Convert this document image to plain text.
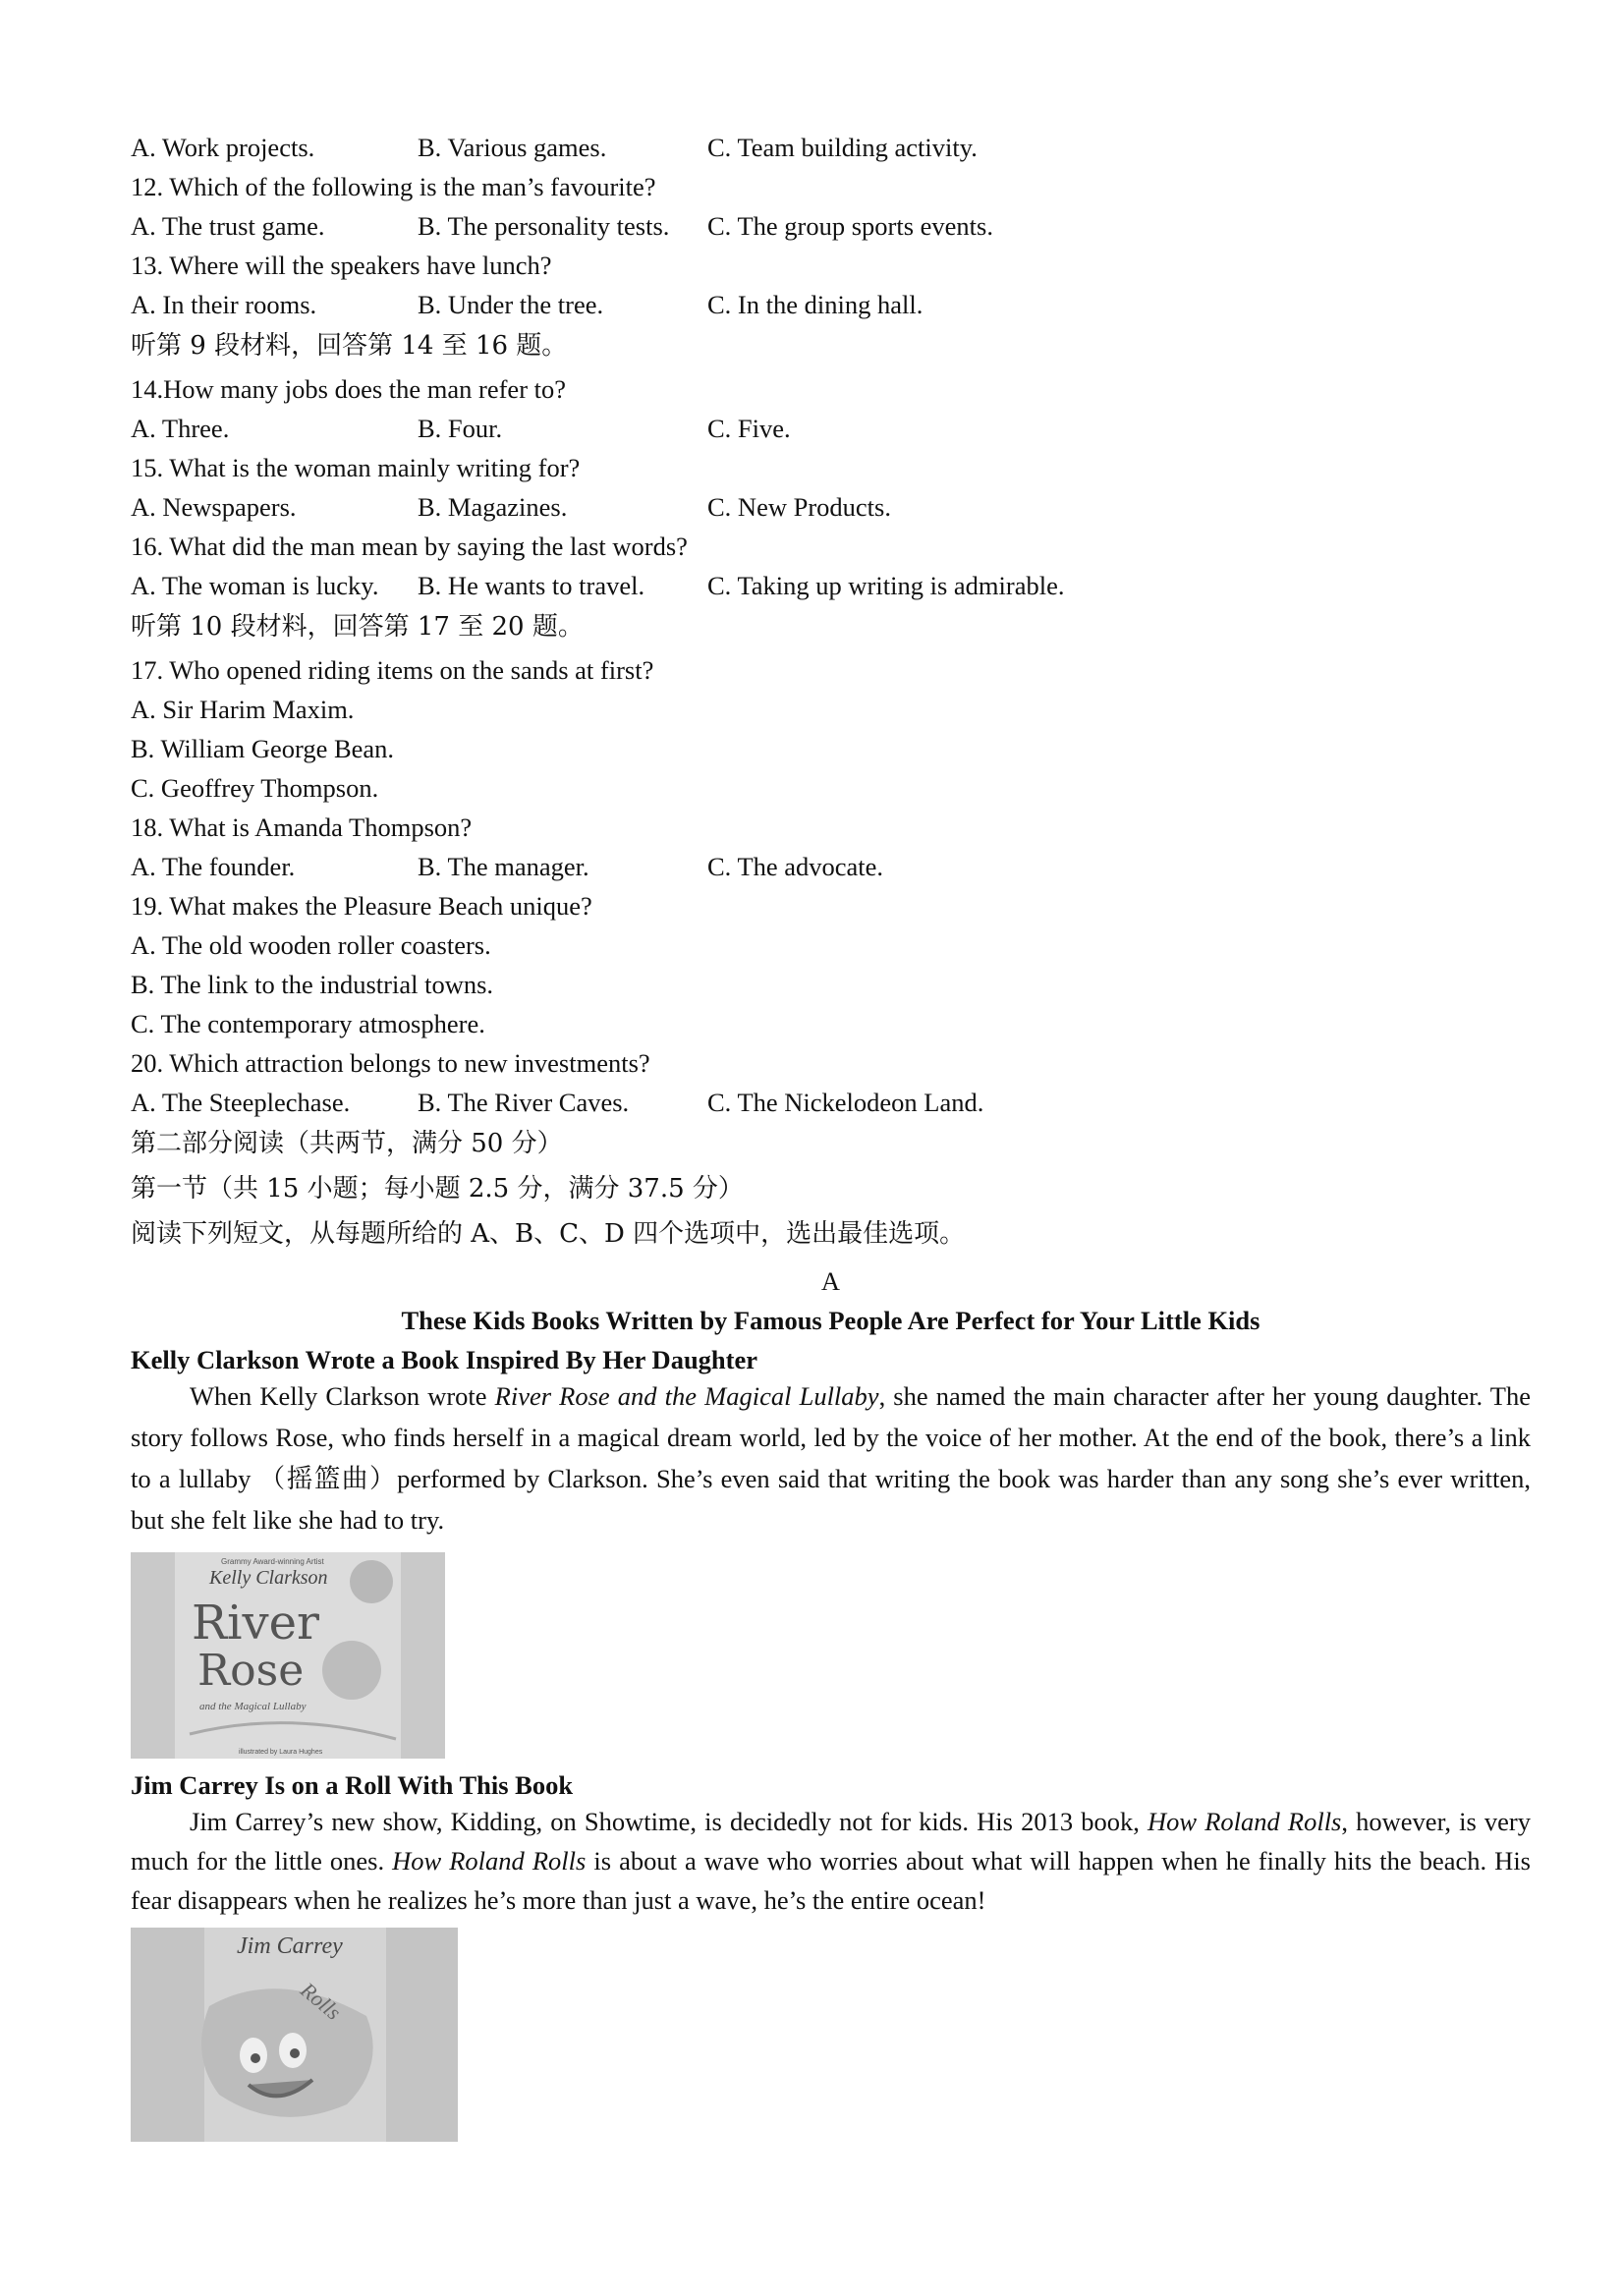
A. Work projects.	B. Various games.	C. Team building activity.
12. Which of the following is the man’s favourite?
A. The trust game.	B. The personality tests. C. The group sports events.
13. Where will the speakers have lunch?
A. In their rooms.	B. Under the tree.	C. In the dining hall.
听第 9 段材料，回答第 14 至 16 题。
14.How many jobs does the man refer to?
A. Three.	B. Four.	C. Five.
15. What is the woman mainly writing for?
A. Newspapers.	B. Magazines.	C. New Products.
16. What did the man mean by saying the last words?
A. The woman is lucky. B. He wants to travel. C. Taking up writing is admirable.
听第 10 段材料，回答第 17 至 20 题。
17. Who opened riding items on the sands at first?
A. Sir Harim Maxim.
B. William George Bean.
C. Geoffrey Thompson.
18. What is Amanda Thompson?
A. The founder.	B. The manager.	C. The advocate.
19. What makes the Pleasure Beach unique?
A. The old wooden roller coasters.
B. The link to the industrial towns.
C. The contemporary atmosphere.
20. Which attraction belongs to new investments?
A. The Steeplechase.	B. The River Caves.	C. The Nickelodeon Land.
第二部分阅读（共两节，满分 50 分）
第一节（共 15 小题；每小题 2.5 分，满分 37.5 分）
阅读下列短文，从每题所给的 A、B、C、D 四个选项中，选出最佳选项。
A
These Kids Books Written by Famous People Are Perfect for Your Little Kids
Kelly Clarkson Wrote a Book Inspired By Her Daughter
When Kelly Clarkson wrote River Rose and the Magical Lullaby, she named the main character after her young daughter. The story follows Rose, who finds herself in a magical dream world, led by the voice of her mother. At the end of the book, there’s a link to a lullaby （摇篮曲）performed by Clarkson. She’s even said that writing the book was harder than any song she’s ever written, but she felt like she had to try.
Grammy Award-winning Artist
Kelly Clarkson
River
Rose
and the Magical Lullaby
illustrated by Laura Hughes
Jim Carrey Is on a Roll With This Book
Jim Carrey’s new show, Kidding, on Showtime, is decidedly not for kids. His 2013 book, How Roland Rolls, however, is very much for the little ones. How Roland Rolls is about a wave who worries about what will happen when he finally hits the beach. His fear disappears when he realizes he’s more than just a wave, he’s the entire ocean!
Jim Carrey
Rolls
